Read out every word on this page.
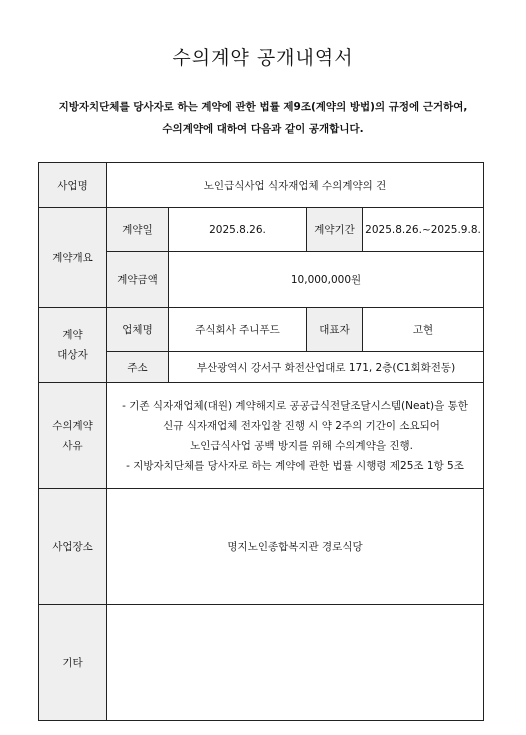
수의계약 공개내역서
지방자치단체를 당사자로 하는 계약에 관한 법률 제9조(계약의 방법)의 규정에 근거하여,
수의계약에 대하여 다음과 같이 공개합니다.
사업명	노인급식사업 식자재업체 수의계약의 건			
계약개요	계약일	2025.8.26.	계약기간	2025.8.26.~2025.9.8.
	계약금액	10,000,000원		

계약
대상자	업체명	주식회사 주니푸드	대표자	고현
	주소	부산광역시 강서구 화전산업대로 171, 2층(C1회화전동)		

수의계약
사유	- 기존 식자재업체(대원) 계약해지로 공공급식전달조달시스템(Neat)을 통한
신규 식자재업체 전자입찰 진행 시 약 2주의 기간이 소요되어
노인급식사업 공백 방지를 위해 수의계약을 진행.
- 지방자치단체를 당사자로 하는 계약에 관한 법률 시행령 제25조 1항 5조			

사업장소	명지노인종합복지관 경로식당			
기타				
